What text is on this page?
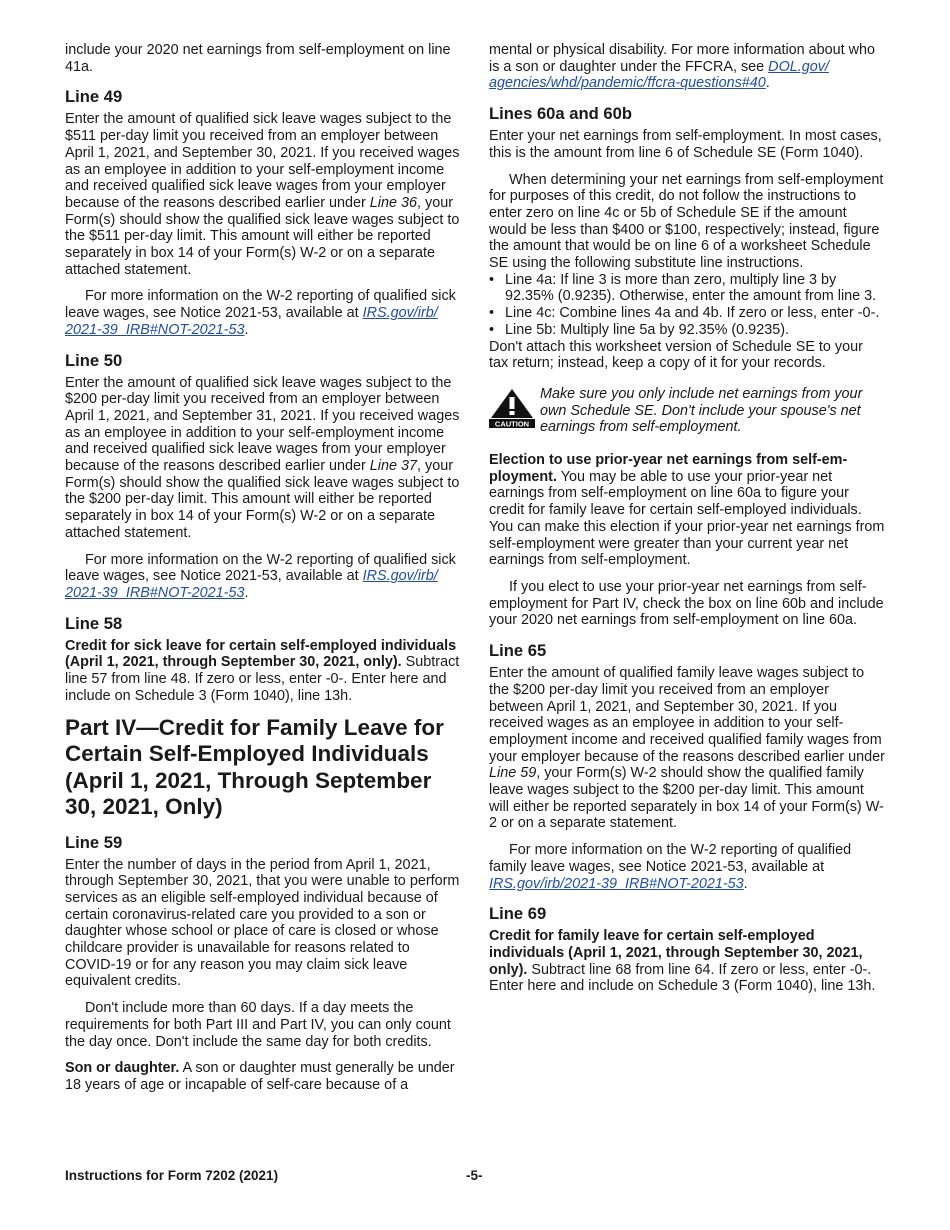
include your 2020 net earnings from self-employment on line 41a.

Line 49

Enter the amount of qualified sick leave wages subject to the $511 per-day limit you received from an employer between April 1, 2021, and September 30, 2021. If you received wages as an employee in addition to your self-employment income and received qualified sick leave wages from your employer because of the reasons described earlier under Line 36, your Form(s) should show the qualified sick leave wages subject to the $511 per-day limit. This amount will either be reported separately in box 14 of your Form(s) W-2 or on a separate attached statement.

For more information on the W-2 reporting of qualified sick leave wages, see Notice 2021-53, available at IRS.gov/irb/ 2021-39_IRB#NOT-2021-53.

Line 50

Enter the amount of qualified sick leave wages subject to the $200 per-day limit you received from an employer between April 1, 2021, and September 31, 2021. If you received wages as an employee in addition to your self-employment income and received qualified sick leave wages from your employer because of the reasons described earlier under Line 37, your Form(s) should show the qualified sick leave wages subject to the $200 per-day limit. This amount will either be reported separately in box 14 of your Form(s) W-2 or on a separate attached statement.

For more information on the W-2 reporting of qualified sick leave wages, see Notice 2021-53, available at IRS.gov/irb/ 2021-39_IRB#NOT-2021-53.

Line 58

Credit for sick leave for certain self-employed individuals (April 1, 2021, through September 30, 2021, only). Subtract line 57 from line 48. If zero or less, enter -0-. Enter here and include on Schedule 3 (Form 1040), line 13h.

Part IV—Credit for Family Leave for Certain Self-Employed Individuals (April 1, 2021, Through September 30, 2021, Only)
Line 59

Enter the number of days in the period from April 1, 2021, through September 30, 2021, that you were unable to perform services as an eligible self-employed individual because of certain coronavirus-related care you provided to a son or daughter whose school or place of care is closed or whose childcare provider is unavailable for reasons related to COVID-19 or for any reason you may claim sick leave equivalent credits.

Don't include more than 60 days. If a day meets the requirements for both Part III and Part IV, you can only count the day once. Don't include the same day for both credits.

Son or daughter. A son or daughter must generally be under 18 years of age or incapable of self-care because of a

mental or physical disability. For more information about who is a son or daughter under the FFCRA, see DOL.gov/ agencies/whd/pandemic/ffcra-questions#40.

Lines 60a and 60b

Enter your net earnings from self-employment. In most cases, this is the amount from line 6 of Schedule SE (Form 1040).

When determining your net earnings from self-employment for purposes of this credit, do not follow the instructions to enter zero on line 4c or 5b of Schedule SE if the amount would be less than $400 or $100, respectively; instead, figure the amount that would be on line 6 of a worksheet Schedule SE using the following substitute line instructions.

• Line 4a: If line 3 is more than zero, multiply line 3 by 92.35% (0.9235). Otherwise, enter the amount from line 3.
• Line 4c: Combine lines 4a and 4b. If zero or less, enter -0-.
• Line 5b: Multiply line 5a by 92.35% (0.9235).

Don't attach this worksheet version of Schedule SE to your tax return; instead, keep a copy of it for your records.

CAUTION
Make sure you only include net earnings from your own Schedule SE. Don't include your spouse's net earnings from self-employment.

Election to use prior-year net earnings from self-employment. You may be able to use your prior-year net earnings from self-employment on line 60a to figure your credit for family leave for certain self-employed individuals. You can make this election if your prior-year net earnings from self-employment were greater than your current year net earnings from self-employment.

If you elect to use your prior-year net earnings from self-employment for Part IV, check the box on line 60b and include your 2020 net earnings from self-employment on line 60a.

Line 65

Enter the amount of qualified family leave wages subject to the $200 per-day limit you received from an employer between April 1, 2021, and September 30, 2021. If you received wages as an employee in addition to your self-employment income and received qualified family wages from your employer because of the reasons described earlier under Line 59, your Form(s) W-2 should show the qualified family leave wages subject to the $200 per-day limit. This amount will either be reported separately in box 14 of your Form(s) W-2 or on a separate statement.

For more information on the W-2 reporting of qualified family leave wages, see Notice 2021-53, available at IRS.gov/irb/2021-39_IRB#NOT-2021-53.

Line 69

Credit for family leave for certain self-employed individuals (April 1, 2021, through September 30, 2021, only). Subtract line 68 from line 64. If zero or less, enter -0-. Enter here and include on Schedule 3 (Form 1040), line 13h.

Instructions for Form 7202 (2021)	-5-
